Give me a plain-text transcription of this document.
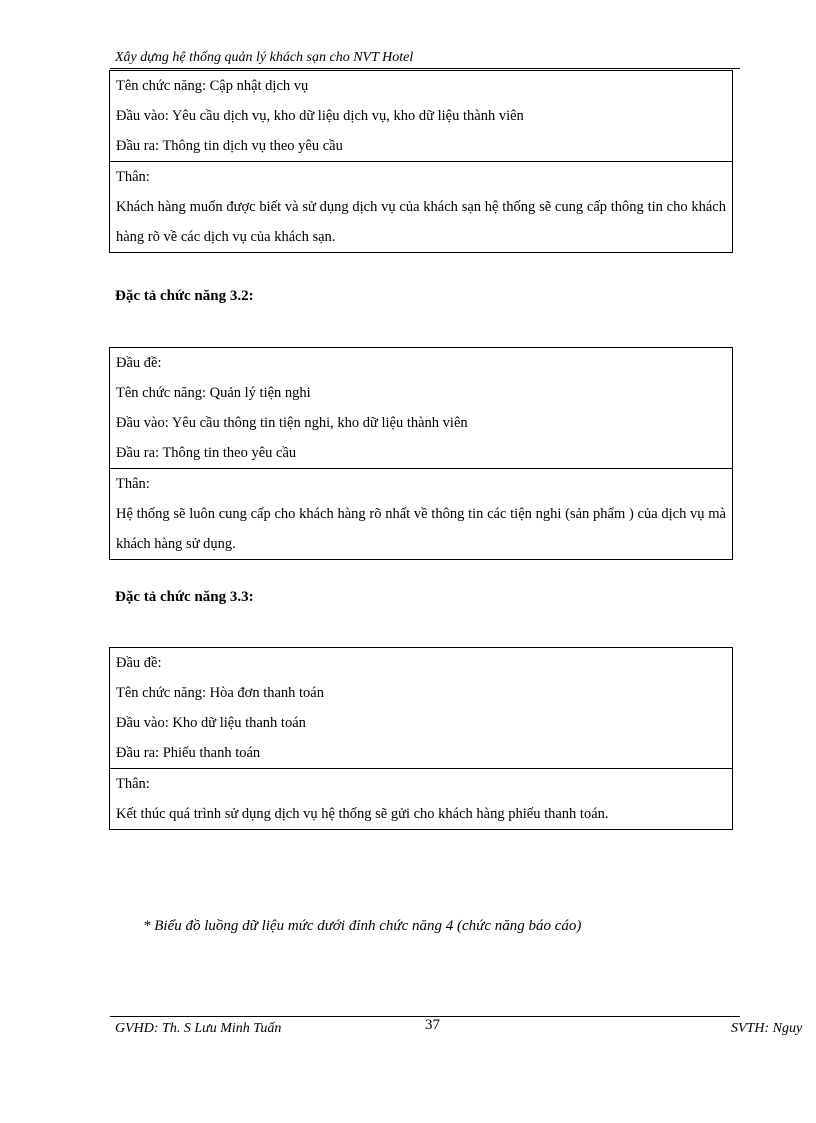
Xây dựng hệ thống quản lý khách sạn cho NVT Hotel
Tên chức năng: Cập nhật dịch vụ
Đầu vào: Yêu cầu dịch vụ, kho dữ liệu dịch vụ, kho dữ liệu thành viên
Đầu ra: Thông tin dịch vụ theo yêu cầu
Thân:
Khách hàng muốn được biết và sử dụng dịch vụ của khách sạn hệ thống sẽ cung cấp thông tin cho khách hàng rõ về các dịch vụ của khách sạn.
Đặc tả chức năng 3.2:
Đầu đề:
Tên chức năng: Quản lý tiện nghi
Đầu vào: Yêu cầu thông tin tiện nghi, kho dữ liệu thành viên
Đầu ra: Thông tin theo yêu cầu
Thân:
Hệ thống sẽ luôn cung cấp cho khách hàng rõ nhất về thông tin các tiện nghi (sản phẩm ) của dịch vụ mà khách hàng sử dụng.
Đặc tả chức năng 3.3:
Đầu đề:
Tên chức năng: Hòa đơn thanh toán
Đầu vào: Kho dữ liệu thanh toán
Đầu ra: Phiếu thanh toán
Thân:
Kết thúc quá trình sử dụng dịch vụ hệ thống sẽ gửi cho khách hàng phiếu thanh toán.
* Biểu đồ luồng dữ liệu mức dưới đỉnh chức năng 4 (chức năng báo cáo)
GVHD: Th. S Lưu Minh Tuấn	37	SVTH: Nguy
